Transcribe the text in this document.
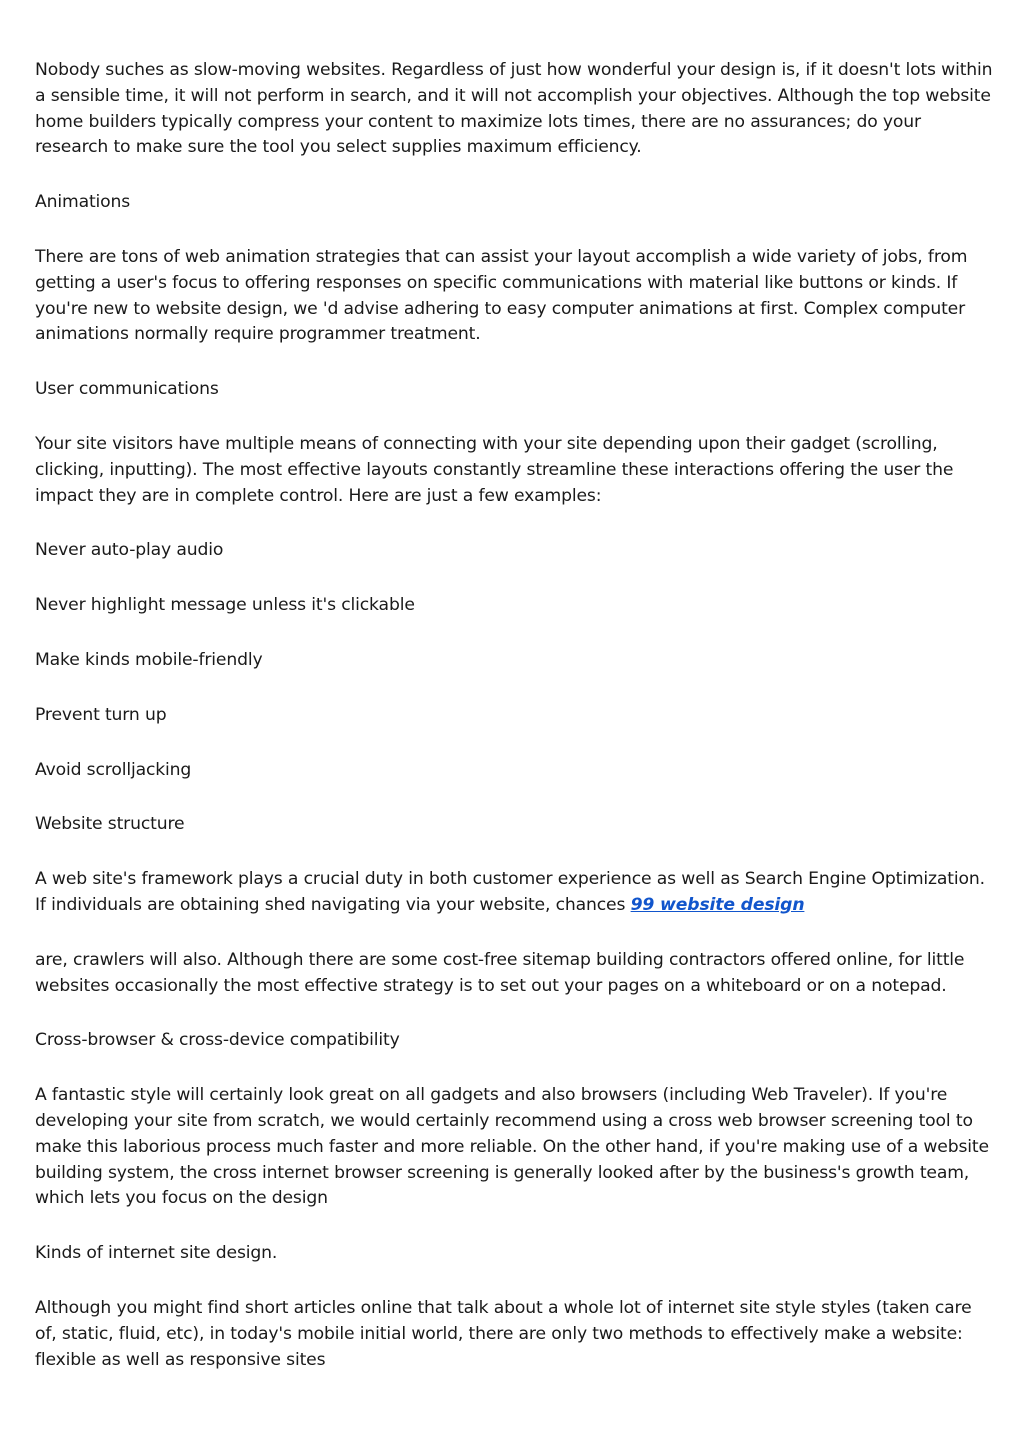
Nobody suches as slow-moving websites. Regardless of just how wonderful your design is, if it doesn't lots within a sensible time, it will not perform in search, and it will not accomplish your objectives. Although the top website home builders typically compress your content to maximize lots times, there are no assurances; do your research to make sure the tool you select supplies maximum efficiency.

Animations

There are tons of web animation strategies that can assist your layout accomplish a wide variety of jobs, from getting a user's focus to offering responses on specific communications with material like buttons or kinds. If you're new to website design, we 'd advise adhering to easy computer animations at first. Complex computer animations normally require programmer treatment.

User communications

Your site visitors have multiple means of connecting with your site depending upon their gadget (scrolling, clicking, inputting). The most effective layouts constantly streamline these interactions offering the user the impact they are in complete control. Here are just a few examples:

Never auto-play audio

Never highlight message unless it's clickable

Make kinds mobile-friendly

Prevent turn up

Avoid scrolljacking

Website structure

A web site's framework plays a crucial duty in both customer experience as well as Search Engine Optimization. If individuals are obtaining shed navigating via your website, chances 99 website design

are, crawlers will also. Although there are some cost-free sitemap building contractors offered online, for little websites occasionally the most effective strategy is to set out your pages on a whiteboard or on a notepad.

Cross-browser & cross-device compatibility

A fantastic style will certainly look great on all gadgets and also browsers (including Web Traveler). If you're developing your site from scratch, we would certainly recommend using a cross web browser screening tool to make this laborious process much faster and more reliable. On the other hand, if you're making use of a website building system, the cross internet browser screening is generally looked after by the business's growth team, which lets you focus on the design

Kinds of internet site design.

Although you might find short articles online that talk about a whole lot of internet site style styles (taken care of, static, fluid, etc), in today's mobile initial world, there are only two methods to effectively make a website: flexible as well as responsive sites
